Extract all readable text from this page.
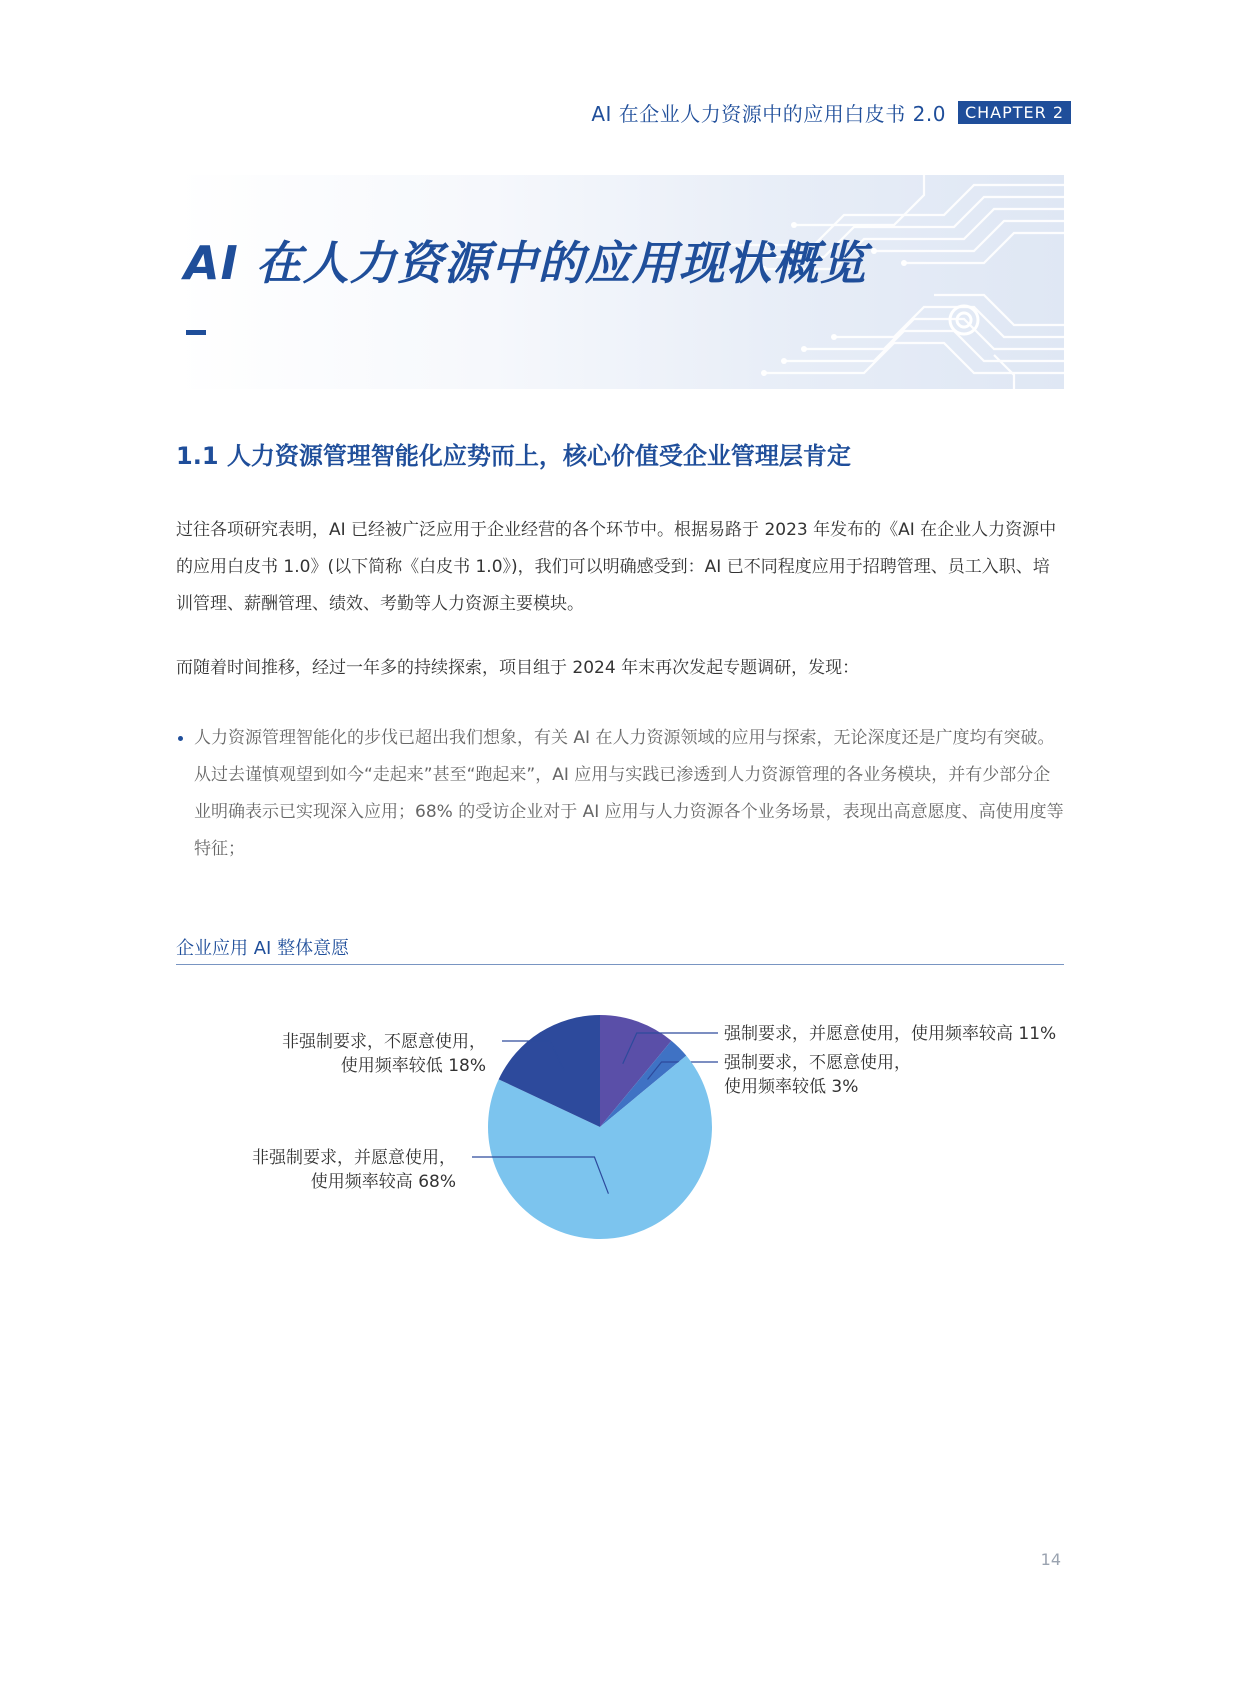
AI 在企业人力资源中的应用白皮书 2.0	CHAPTER 2
AI 在人力资源中的应用现状概览
1.1 人力资源管理智能化应势而上，核心价值受企业管理层肯定

过往各项研究表明，AI 已经被广泛应用于企业经营的各个环节中。根据易路于 2023 年发布的《AI 在企业人力资源中的应用白皮书 1.0》(以下简称《白皮书 1.0》)，我们可以明确感受到：AI 已不同程度应用于招聘管理、员工入职、培训管理、薪酬管理、绩效、考勤等人力资源主要模块。

而随着时间推移，经过一年多的持续探索，项目组于 2024 年末再次发起专题调研，发现：

人力资源管理智能化的步伐已超出我们想象，有关 AI 在人力资源领域的应用与探索，无论深度还是广度均有突破。从过去谨慎观望到如今“走起来”甚至“跑起来”，AI 应用与实践已渗透到人力资源管理的各业务模块，并有少部分企业明确表示已实现深入应用；68% 的受访企业对于 AI 应用与人力资源各个业务场景，表现出高意愿度、高使用度等特征；
企业应用 AI 整体意愿
强制要求，并愿意使用，使用频率较高 11%
强制要求，不愿意使用，
使用频率较低 3%
非强制要求，并愿意使用，
使用频率较高 68%
非强制要求，不愿意使用，
使用频率较低 18%
14
